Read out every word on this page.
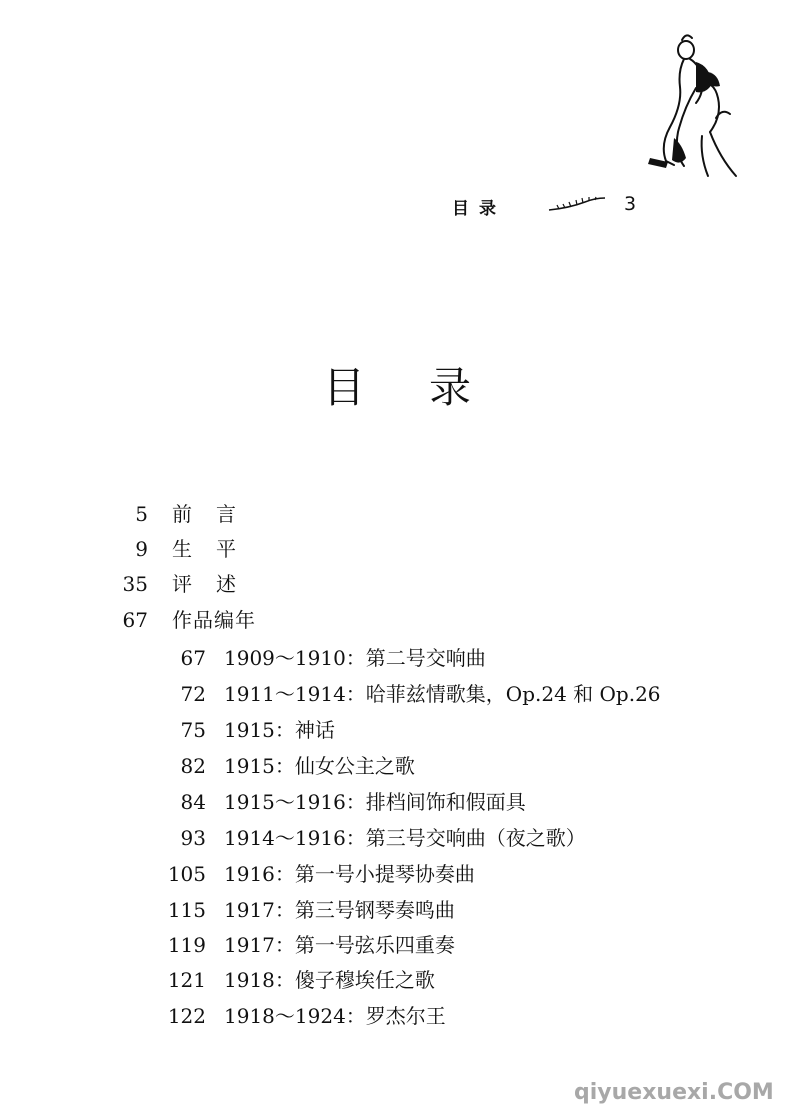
目录	3
目录
5 前言
9 生平
35 评述
67 作品编年
67 1909～1910：第二号交响曲
72 1911～1914：哈菲兹情歌集，Op.24 和 Op.26
75 1915：神话
82 1915：仙女公主之歌
84 1915～1916：排档间饰和假面具
93 1914～1916：第三号交响曲（夜之歌）
105 1916：第一号小提琴协奏曲
115 1917：第三号钢琴奏鸣曲
119 1917：第一号弦乐四重奏
121 1918：傻子穆埃任之歌
122 1918～1924：罗杰尔王
qiyuexuexi.COM
